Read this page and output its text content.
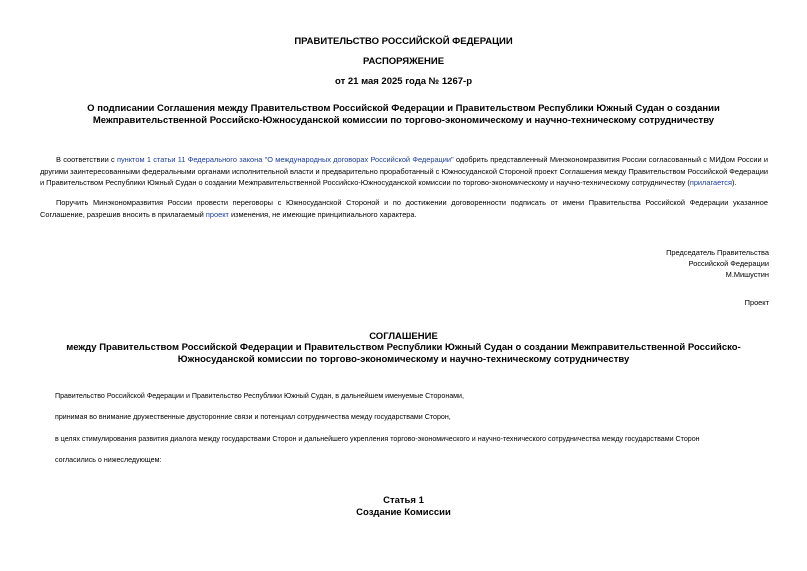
ПРАВИТЕЛЬСТВО РОССИЙСКОЙ ФЕДЕРАЦИИ
РАСПОРЯЖЕНИЕ
от 21 мая 2025 года № 1267-р
О подписании Соглашения между Правительством Российской Федерации и Правительством Республики Южный Судан о создании Межправительственной Российско-Южносуданской комиссии по торгово-экономическому и научно-техническому сотрудничеству
В соответствии с пунктом 1 статьи 11 Федерального закона "О международных договорах Российской Федерации" одобрить представленный Минэкономразвития России согласованный с МИДом России и другими заинтересованными федеральными органами исполнительной власти и предварительно проработанный с Южносуданской Стороной проект Соглашения между Правительством Российской Федерации и Правительством Республики Южный Судан о создании Межправительственной Российско-Южносуданской комиссии по торгово-экономическому и научно-техническому сотрудничеству (прилагается).
Поручить Минэкономразвития России провести переговоры с Южносуданской Стороной и по достижении договоренности подписать от имени Правительства Российской Федерации указанное Соглашение, разрешив вносить в прилагаемый проект изменения, не имеющие принципиального характера.
Председатель Правительства
Российской Федерации
М.Мишустин
Проект
СОГЛАШЕНИЕ
между Правительством Российской Федерации и Правительством Республики Южный Судан о создании Межправительственной Российско-Южносуданской комиссии по торгово-экономическому и научно-техническому сотрудничеству
Правительство Российской Федерации и Правительство Республики Южный Судан, в дальнейшем именуемые Сторонами,
принимая во внимание дружественные двусторонние связи и потенциал сотрудничества между государствами Сторон,
в целях стимулирования развития диалога между государствами Сторон и дальнейшего укрепления торгово-экономического и научно-технического сотрудничества между государствами Сторон
согласились о нижеследующем:
Статья 1
Создание Комиссии
